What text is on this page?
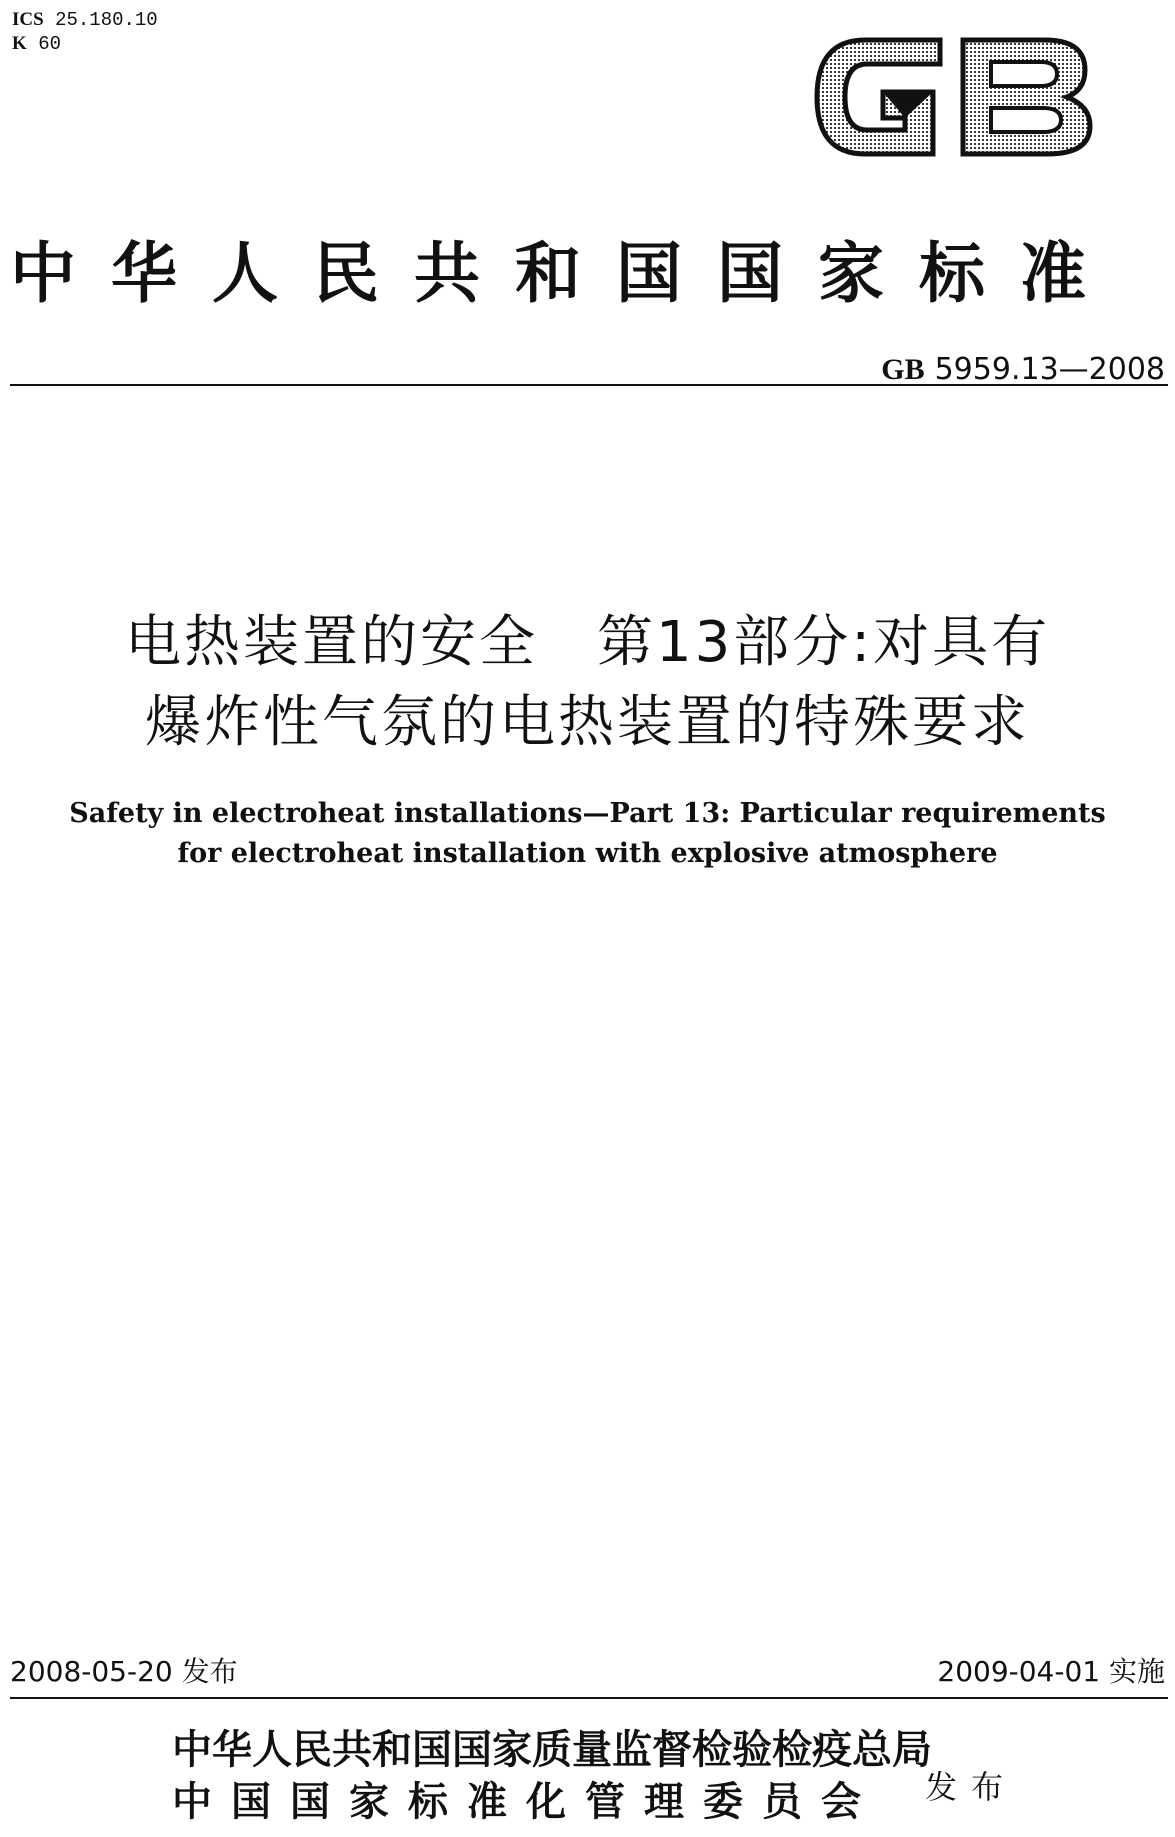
ICS 25.180.10
K 60
GB
中华人民共和国国家标准
GB 5959.13—2008
电热装置的安全　第13部分:对具有
爆炸性气氛的电热装置的特殊要求
Safety in electroheat installations—Part 13: Particular requirements
for electroheat installation with explosive atmosphere
2008-05-20 发布	2009-04-01 实施
中华人民共和国国家质量监督检验检疫总局
中国国家标准化管理委员会 发布
